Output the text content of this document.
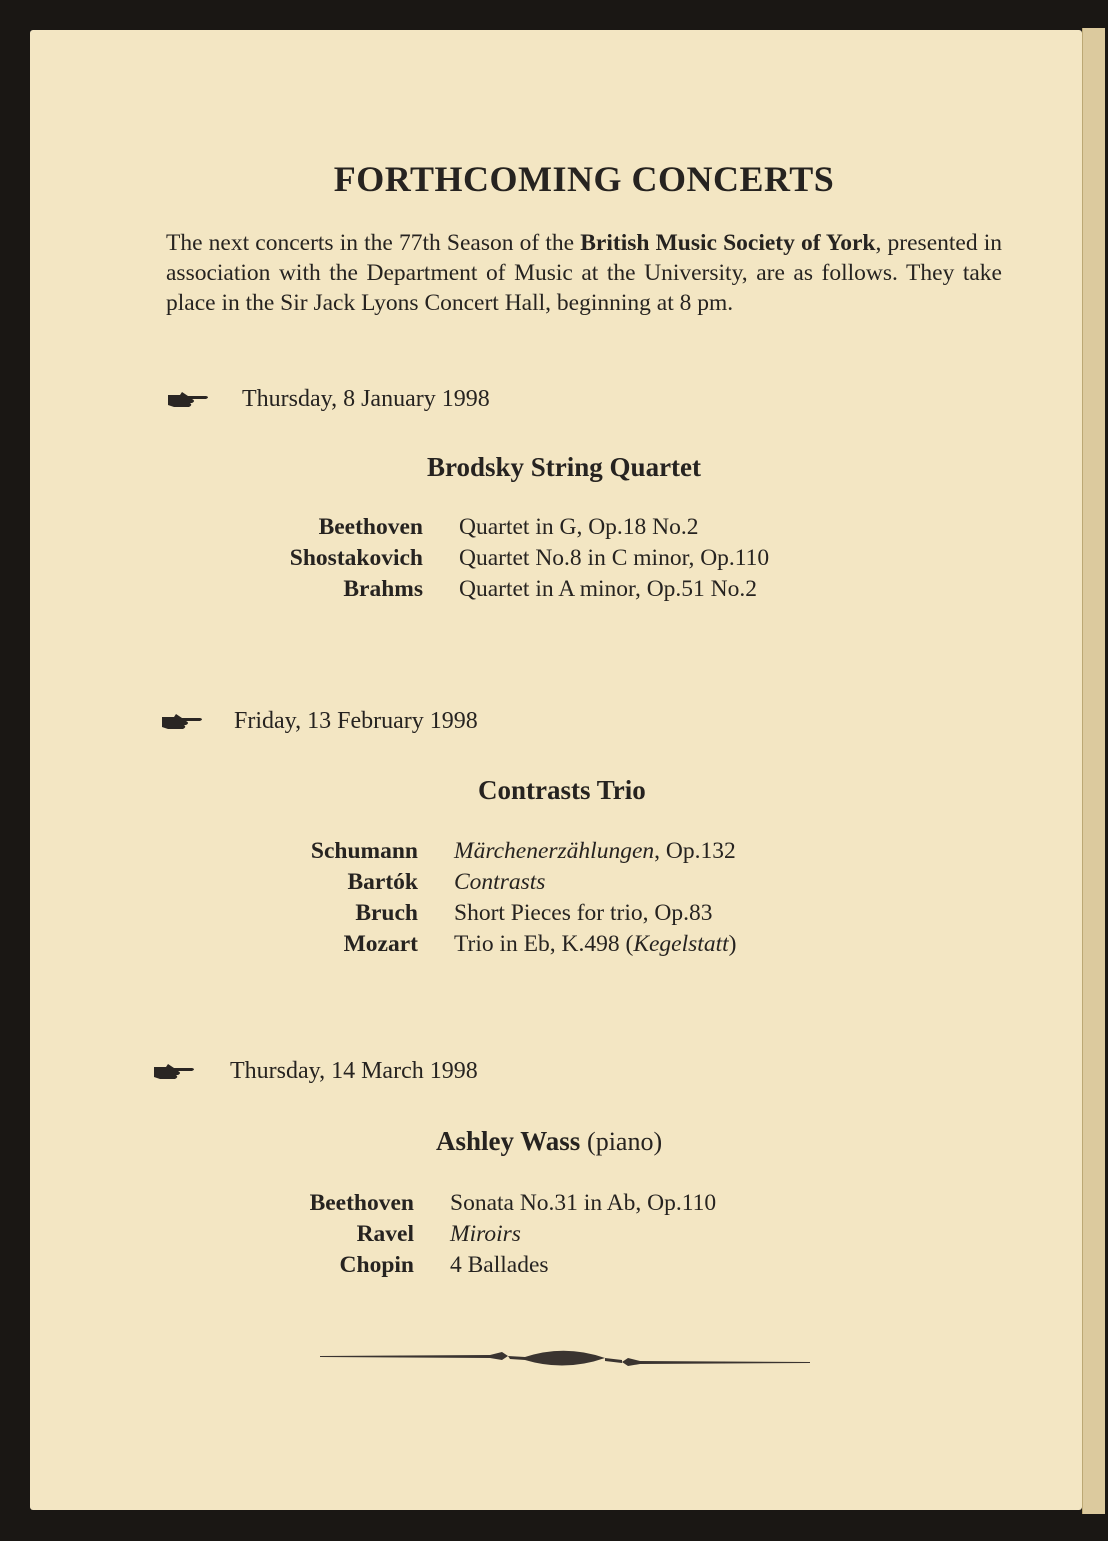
FORTHCOMING CONCERTS
The next concerts in the 77th Season of the British Music Society of York, presented in association with the Department of Music at the University, are as follows. They take place in the Sir Jack Lyons Concert Hall, beginning at 8 pm.
Thursday, 8 January 1998
Brodsky String Quartet
Beethoven Quartet in G, Op.18 No.2
Shostakovich Quartet No.8 in C minor, Op.110
Brahms Quartet in A minor, Op.51 No.2
Friday, 13 February 1998
Contrasts Trio
Schumann Märchenerzählungen, Op.132
Bartók Contrasts
Bruch Short Pieces for trio, Op.83
Mozart Trio in Eb, K.498 (Kegelstatt)
Thursday, 14 March 1998
Ashley Wass (piano)
Beethoven Sonata No.31 in Ab, Op.110
Ravel Miroirs
Chopin 4 Ballades
